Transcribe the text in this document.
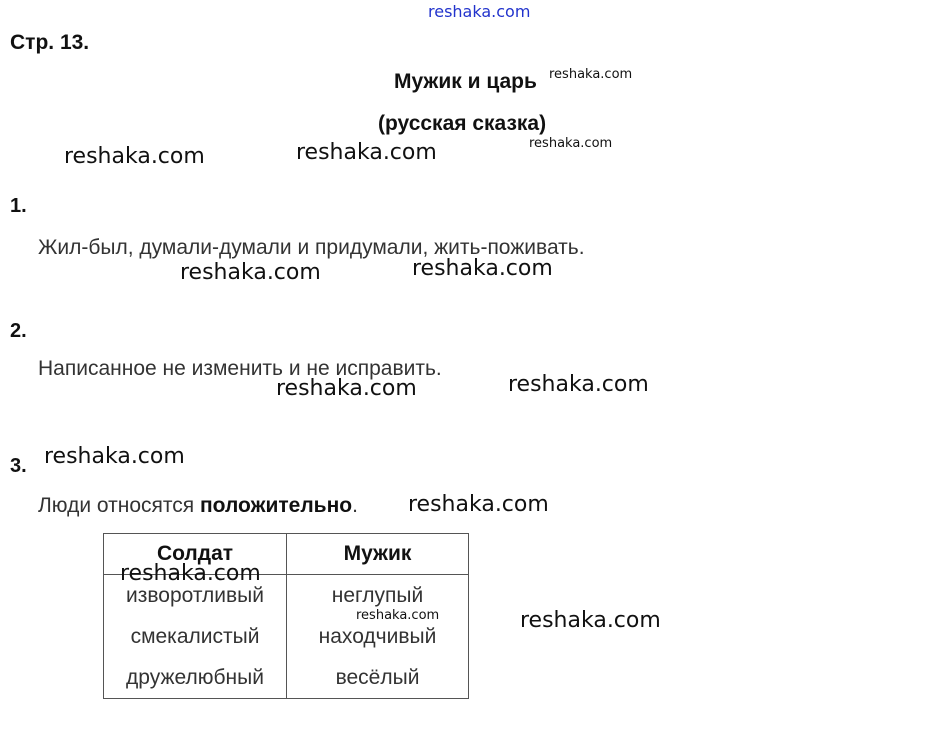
reshaka.com
reshaka.com
reshaka.com
reshaka.com	reshaka.com
reshaka.com	reshaka.com
reshaka.com	reshaka.com
reshaka.com
reshaka.com
reshaka.com
Стр. 13.
Мужик и царь
(русская сказка)
1.
Жил-был, думали-думали и придумали, жить-поживать.
2.
Написанное не изменить и не исправить.
3.
Люди относятся положительно.
Солдат	Мужик
изворотливый	неглупый
смекалистый	находчивый
дружелюбный	весёлый
reshaka.com
reshaka.com
